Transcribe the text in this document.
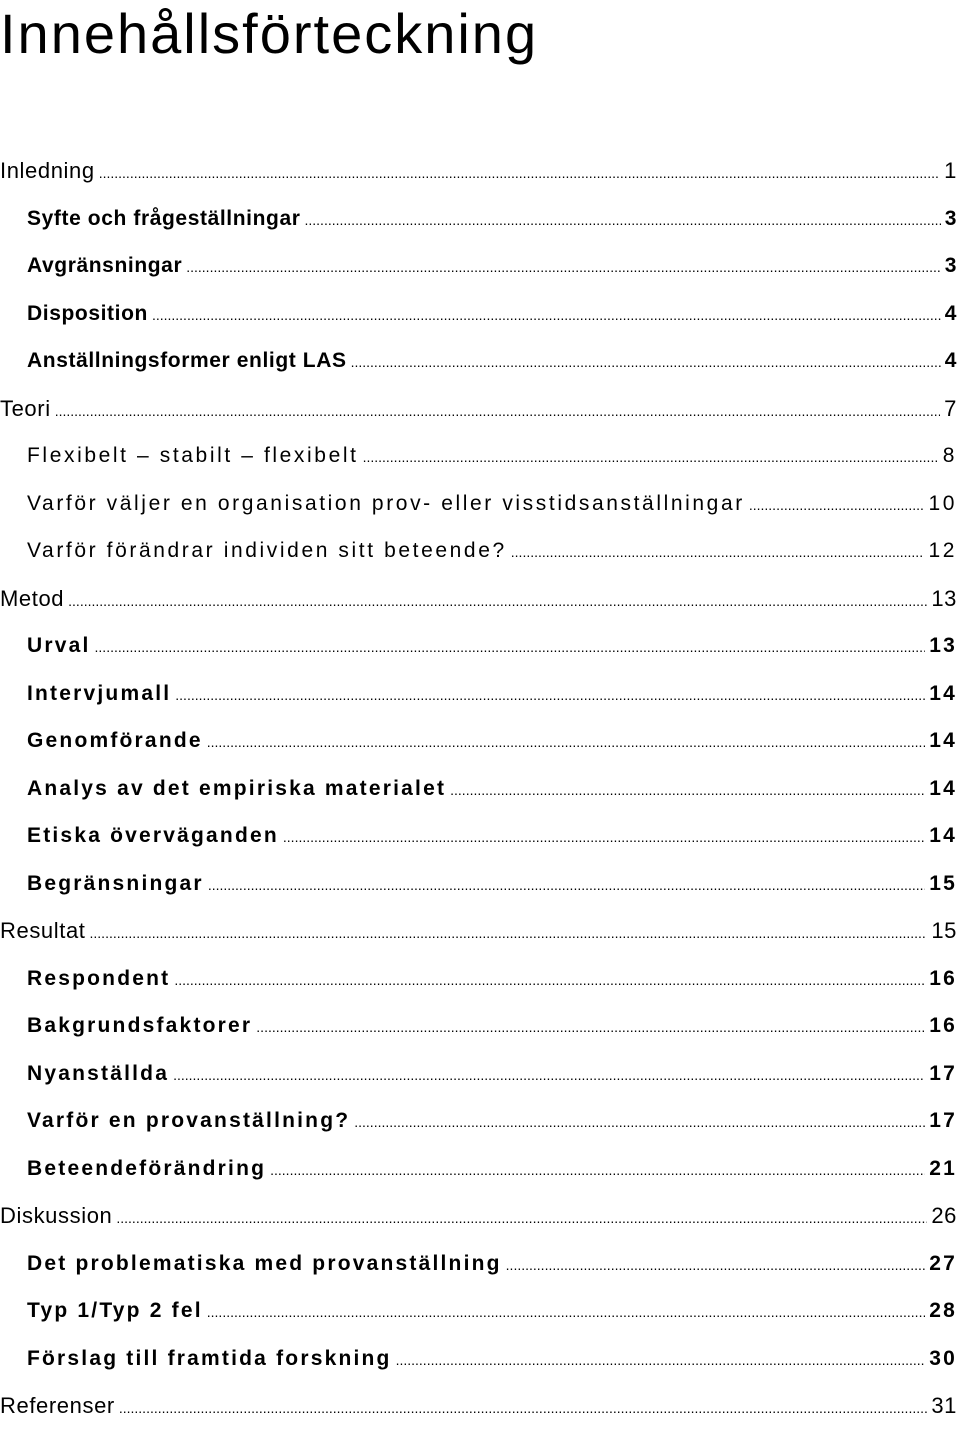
Innehållsförteckning
Inledning .....	1
Syfte och frågeställningar .....	3
Avgränsningar .....	3
Disposition .....	4
Anställningsformer enligt LAS .....	4
Teori .....	7
Flexibelt – stabilt – flexibelt .....	8
Varför väljer en organisation prov- eller visstidsanställningar .....	10
Varför förändrar individen sitt beteende? .....	12
Metod .....	13
Urval .....	13
Intervjumall .....	14
Genomförande .....	14
Analys av det empiriska materialet .....	14
Etiska överväganden .....	14
Begränsningar .....	15
Resultat .....	15
Respondent .....	16
Bakgrundsfaktorer .....	16
Nyanställda .....	17
Varför en provanställning? .....	17
Beteendeförändring .....	21
Diskussion .....	26
Det problematiska med provanställning .....	27
Typ 1/Typ 2 fel .....	28
Förslag till framtida forskning .....	30
Referenser .....	31
